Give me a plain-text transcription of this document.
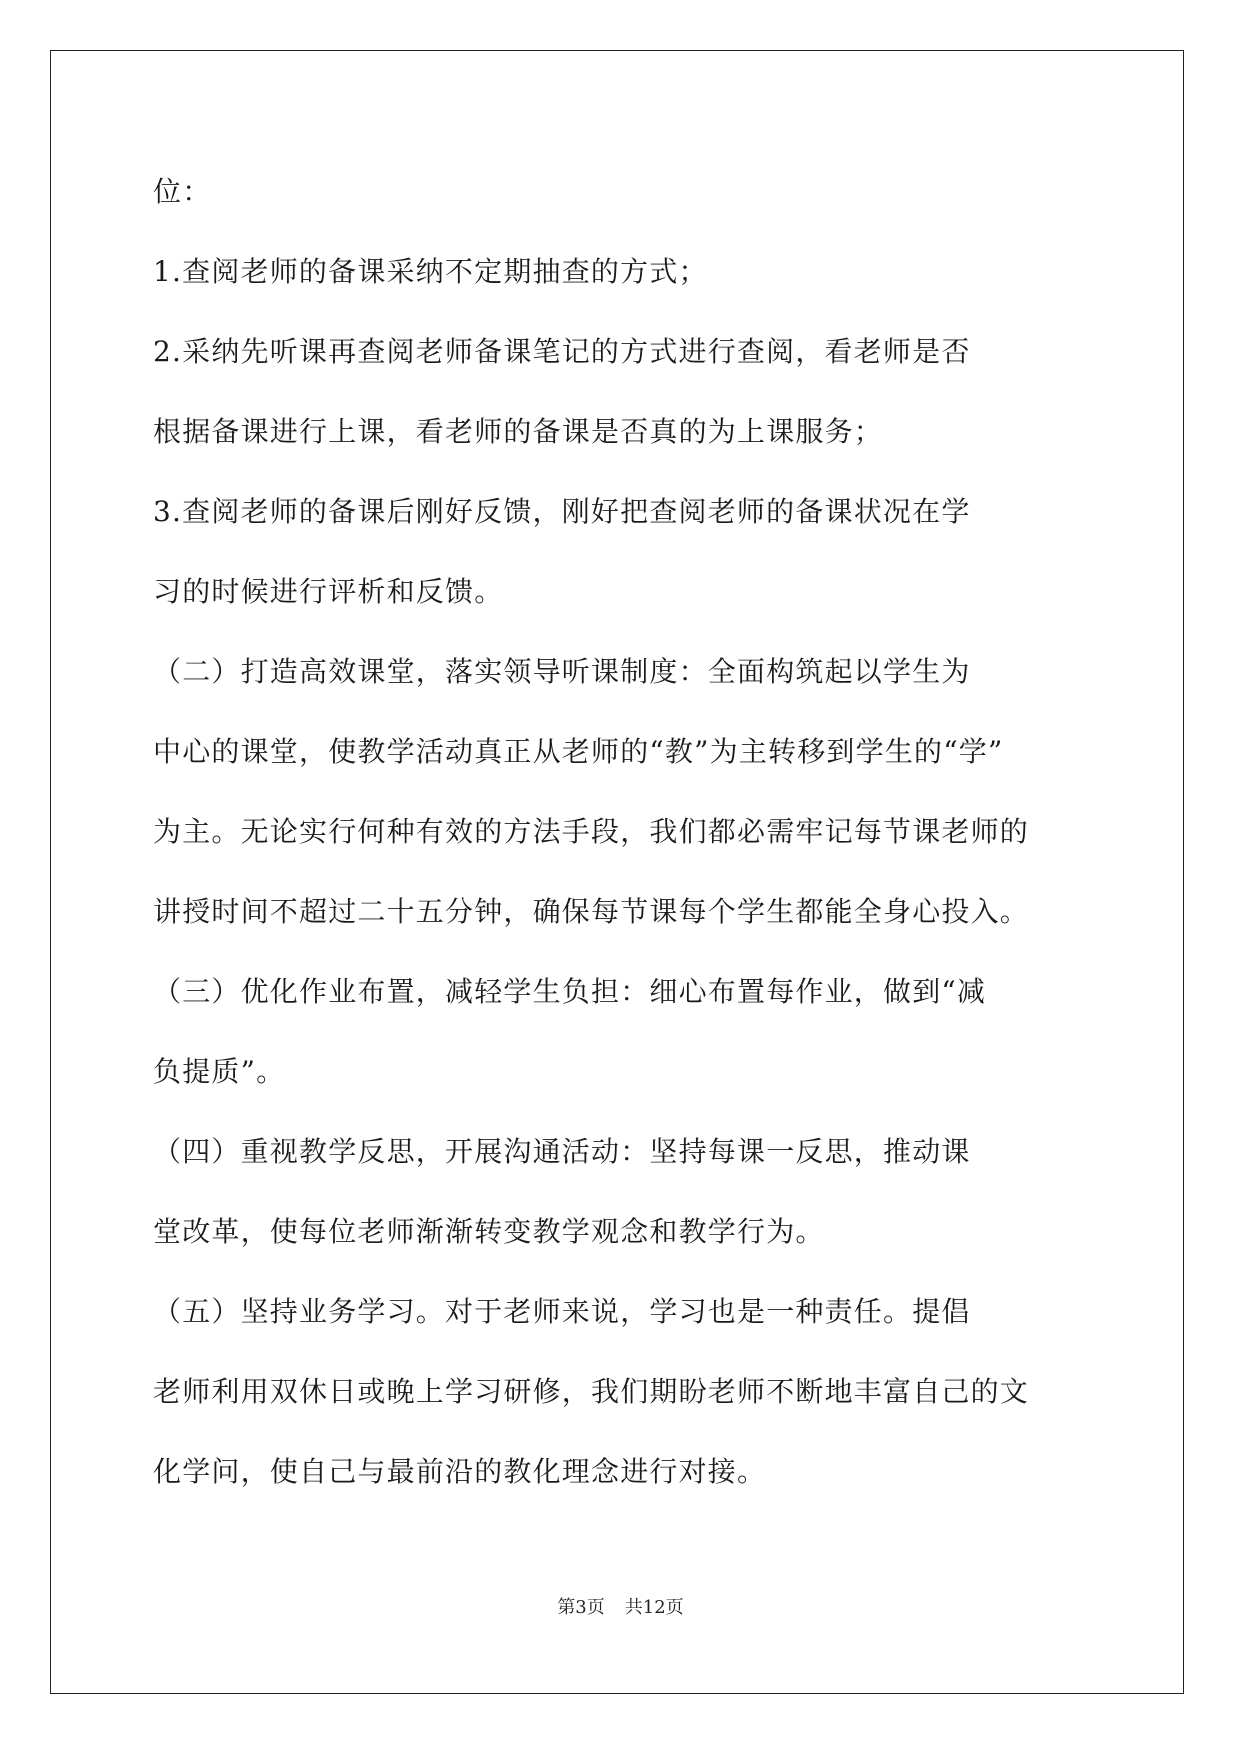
位：
1.查阅老师的备课采纳不定期抽查的方式；
2.采纳先听课再查阅老师备课笔记的方式进行查阅，看老师是否
根据备课进行上课，看老师的备课是否真的为上课服务；
3.查阅老师的备课后刚好反馈，刚好把查阅老师的备课状况在学
习的时候进行评析和反馈。
（二）打造高效课堂，落实领导听课制度：全面构筑起以学生为
中心的课堂，使教学活动真正从老师的“教”为主转移到学生的“学”
为主。无论实行何种有效的方法手段，我们都必需牢记每节课老师的
讲授时间不超过二十五分钟，确保每节课每个学生都能全身心投入。
（三）优化作业布置，减轻学生负担：细心布置每作业，做到“减
负提质”。
（四）重视教学反思，开展沟通活动：坚持每课一反思，推动课
堂改革，使每位老师渐渐转变教学观念和教学行为。
（五）坚持业务学习。对于老师来说，学习也是一种责任。提倡
老师利用双休日或晚上学习研修，我们期盼老师不断地丰富自己的文
化学问，使自己与最前沿的教化理念进行对接。
第3页 共12页
